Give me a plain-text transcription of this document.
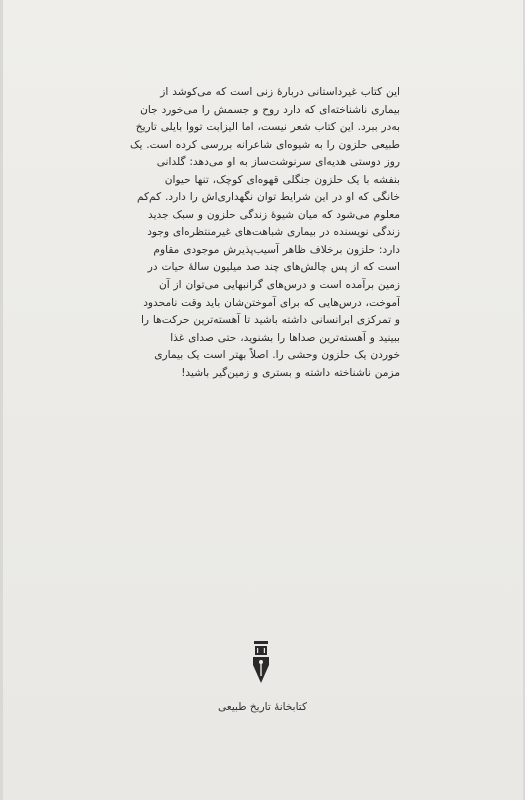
این کتاب غیرداستانی دربارهٔ زنی است که می‌کوشد از
بیماری ناشناخته‌ای که دارد روح و جسمش را می‌خورد جان
به‌در ببرد. این کتاب شعر نیست، اما الیزابت تووا بایلی تاریخ
طبیعی حلزون را به شیوه‌ای شاعرانه بررسی کرده است. یک
روز دوستی هدیه‌ای سرنوشت‌ساز به او می‌دهد: گلدانی
بنفشه با یک حلزون جنگلی قهوه‌ای کوچک، تنها حیوان
خانگی که او در این شرایط توان نگهداری‌اش را دارد. کم‌کم
معلوم می‌شود که میان شیوهٔ زندگی حلزون و سبک جدید
زندگی نویسنده در بیماری شباهت‌های غیرمنتظره‌ای وجود
دارد: حلزون برخلاف ظاهر آسیب‌پذیرش موجودی مقاوم
است که از پس چالش‌های چند صد میلیون سالهٔ حیات در
زمین برآمده است و درس‌های گرانبهایی می‌توان از آن
آموخت، درس‌هایی که برای آموختن‌شان باید وقت نامحدود
و تمرکزی ابرانسانی داشته باشید تا آهسته‌ترین حرکت‌ها را
ببینید و آهسته‌ترین صداها را بشنوید، حتی صدای غذا
خوردن یک حلزون وحشی را. اصلاً بهتر است یک بیماری
مزمن ناشناخته داشته و بستری و زمین‌گیر باشید!
کتابخانهٔ تاریخ طبیعی
